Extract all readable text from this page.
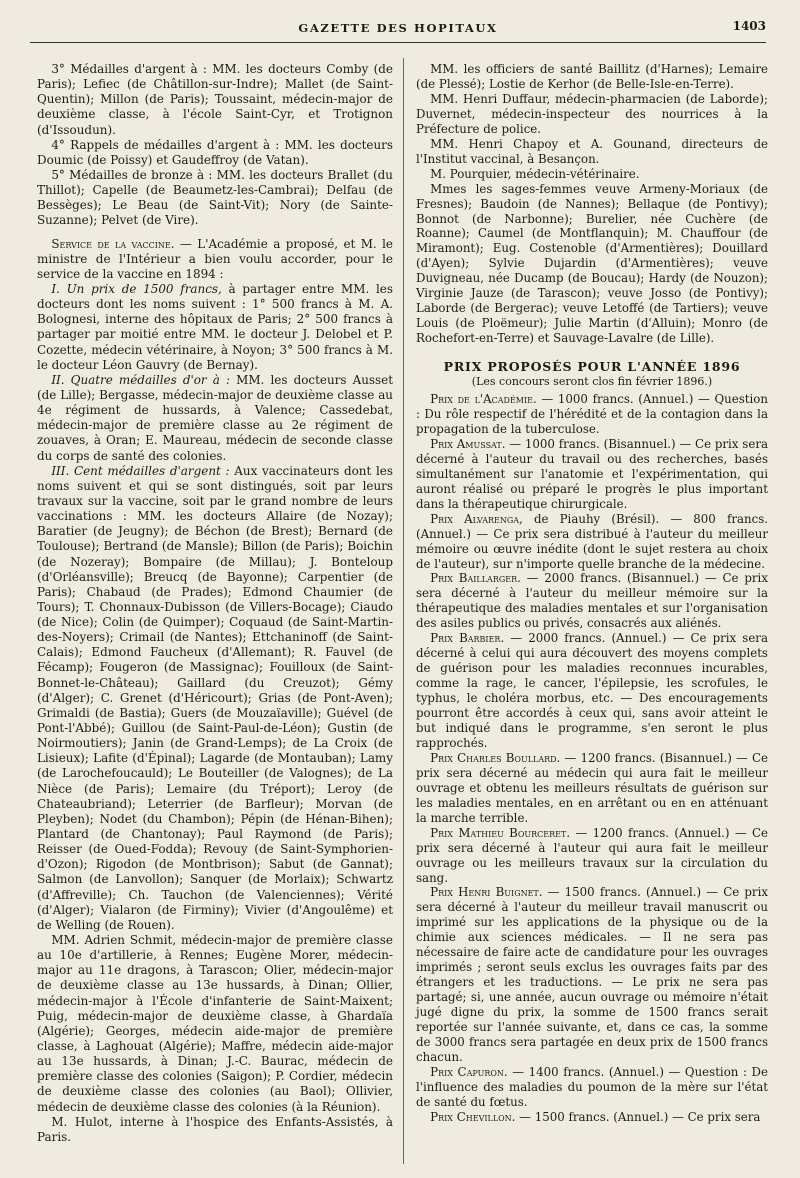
GAZETTE DES HOPITAUX	1403

3° Médailles d'argent à : MM. les docteurs Comby (de Paris); Lefiec (de Châtillon-sur-Indre); Mallet (de Saint-Quentin); Millon (de Paris); Toussaint, médecin-major de deuxième classe, à l'école Saint-Cyr, et Trotignon (d'Issoudun).

4° Rappels de médailles d'argent à : MM. les docteurs Doumic (de Poissy) et Gaudeffroy (de Vatan).

5° Médailles de bronze à : MM. les docteurs Brallet (du Thillot); Capelle (de Beaumetz-les-Cambrai); Delfau (de Bessèges); Le Beau (de Saint-Vit); Nory (de Sainte-Suzanne); Pelvet (de Vire).

Service de la vaccine. — L'Académie a proposé, et M. le ministre de l'Intérieur a bien voulu accorder, pour le service de la vaccine en 1894 :

I. Un prix de 1500 francs, à partager entre MM. les docteurs dont les noms suivent : 1° 500 francs à M. A. Bolognesi, interne des hôpitaux de Paris; 2° 500 francs à partager par moitié entre MM. le docteur J. Delobel et P. Cozette, médecin vétérinaire, à Noyon; 3° 500 francs à M. le docteur Léon Gauvry (de Bernay).

II. Quatre médailles d'or à : MM. les docteurs Ausset (de Lille); Bergasse, médecin-major de deuxième classe au 4e régiment de hussards, à Valence; Cassedebat, médecin-major de première classe au 2e régiment de zouaves, à Oran; E. Maureau, médecin de seconde classe du corps de santé des colonies.

III. Cent médailles d'argent : Aux vaccinateurs dont les noms suivent et qui se sont distingués, soit par leurs travaux sur la vaccine, soit par le grand nombre de leurs vaccinations : MM. les docteurs Allaire (de Nozay); Baratier (de Jeugny); de Béchon (de Brest); Bernard (de Toulouse); Bertrand (de Mansle); Billon (de Paris); Boichin (de Nozeray); Bompaire (de Millau); J. Bonteloup (d'Orléansville); Breucq (de Bayonne); Carpentier (de Paris); Chabaud (de Prades); Edmond Chaumier (de Tours); T. Chonnaux-Dubisson (de Villers-Bocage); Ciaudo (de Nice); Colin (de Quimper); Coquaud (de Saint-Martin-des-Noyers); Crimail (de Nantes); Ettchaninoff (de Saint-Calais); Edmond Faucheux (d'Allemant); R. Fauvel (de Fécamp); Fougeron (de Massignac); Fouilloux (de Saint-Bonnet-le-Château); Gaillard (du Creuzot); Gémy (d'Alger); C. Grenet (d'Héricourt); Grias (de Pont-Aven); Grimaldi (de Bastia); Guers (de Mouzaïaville); Guével (de Pont-l'Abbé); Guillou (de Saint-Paul-de-Léon); Gustin (de Noirmoutiers); Janin (de Grand-Lemps); de La Croix (de Lisieux); Lafite (d'Épinal); Lagarde (de Montauban); Lamy (de Larochefoucauld); Le Bouteiller (de Valognes); de La Nièce (de Paris); Lemaire (du Tréport); Leroy (de Chateaubriand); Leterrier (de Barfleur); Morvan (de Pleyben); Nodet (du Chambon); Pépin (de Hénan-Bihen); Plantard (de Chantonay); Paul Raymond (de Paris); Reisser (de Oued-Fodda); Revouy (de Saint-Symphorien-d'Ozon); Rigodon (de Montbrison); Sabut (de Gannat); Salmon (de Lanvollon); Sanquer (de Morlaix); Schwartz (d'Affreville); Ch. Tauchon (de Valenciennes); Vérité (d'Alger); Vialaron (de Firminy); Vivier (d'Angoulême) et de Welling (de Rouen).

MM. Adrien Schmit, médecin-major de première classe au 10e d'artillerie, à Rennes; Eugène Morer, médecin-major au 11e dragons, à Tarascon; Olier, médecin-major de deuxième classe au 13e hussards, à Dinan; Ollier, médecin-major à l'École d'infanterie de Saint-Maixent; Puig, médecin-major de deuxième classe, à Ghardaïa (Algérie); Georges, médecin aide-major de première classe, à Laghouat (Algérie); Maffre, médecin aide-major au 13e hussards, à Dinan; J.-C. Baurac, médecin de première classe des colonies (Saigon); P. Cordier, médecin de deuxième classe des colonies (au Baol); Ollivier, médecin de deuxième classe des colonies (à la Réunion).

M. Hulot, interne à l'hospice des Enfants-Assistés, à Paris.

MM. les officiers de santé Baillitz (d'Harnes); Lemaire (de Plessé); Lostie de Kerhor (de Belle-Isle-en-Terre).

MM. Henri Duffaur, médecin-pharmacien (de Laborde); Duvernet, médecin-inspecteur des nourrices à la Préfecture de police.

MM. Henri Chapoy et A. Gounand, directeurs de l'Institut vaccinal, à Besançon.

M. Pourquier, médecin-vétérinaire.

Mmes les sages-femmes veuve Armeny-Moriaux (de Fresnes); Baudoin (de Nannes); Bellaque (de Pontivy); Bonnot (de Narbonne); Burelier, née Cuchère (de Roanne); Caumel (de Montflanquin); M. Chauffour (de Miramont); Eug. Costenoble (d'Armentières); Douillard (d'Ayen); Sylvie Dujardin (d'Armentières); veuve Duvigneau, née Ducamp (de Boucau); Hardy (de Nouzon); Virginie Jauze (de Tarascon); veuve Josso (de Pontivy); Laborde (de Bergerac); veuve Letoffé (de Tartiers); veuve Louis (de Ploëmeur); Julie Martin (d'Alluin); Monro (de Rochefort-en-Terre) et Sauvage-Lavalre (de Lille).

PRIX PROPOSÉS POUR L'ANNÉE 1896

(Les concours seront clos fin février 1896.)

Prix de l'Académie. — 1000 francs. (Annuel.) — Question : Du rôle respectif de l'hérédité et de la contagion dans la propagation de la tuberculose.

Prix Amussat. — 1000 francs. (Bisannuel.) — Ce prix sera décerné à l'auteur du travail ou des recherches, basés simultanément sur l'anatomie et l'expérimentation, qui auront réalisé ou préparé le progrès le plus important dans la thérapeutique chirurgicale.

Prix Alvarenga, de Piauhy (Brésil). — 800 francs. (Annuel.) — Ce prix sera distribué à l'auteur du meilleur mémoire ou œuvre inédite (dont le sujet restera au choix de l'auteur), sur n'importe quelle branche de la médecine.

Prix Baillarger. — 2000 francs. (Bisannuel.) — Ce prix sera décerné à l'auteur du meilleur mémoire sur la thérapeutique des maladies mentales et sur l'organisation des asiles publics ou privés, consacrés aux aliénés.

Prix Barbier. — 2000 francs. (Annuel.) — Ce prix sera décerné à celui qui aura découvert des moyens complets de guérison pour les maladies reconnues incurables, comme la rage, le cancer, l'épilepsie, les scrofules, le typhus, le choléra morbus, etc. — Des encouragements pourront être accordés à ceux qui, sans avoir atteint le but indiqué dans le programme, s'en seront le plus rapprochés.

Prix Charles Boullard. — 1200 francs. (Bisannuel.) — Ce prix sera décerné au médecin qui aura fait le meilleur ouvrage et obtenu les meilleurs résultats de guérison sur les maladies mentales, en en arrêtant ou en en atténuant la marche terrible.

Prix Mathieu Bourceret. — 1200 francs. (Annuel.) — Ce prix sera décerné à l'auteur qui aura fait le meilleur ouvrage ou les meilleurs travaux sur la circulation du sang.

Prix Henri Buignet. — 1500 francs. (Annuel.) — Ce prix sera décerné à l'auteur du meilleur travail manuscrit ou imprimé sur les applications de la physique ou de la chimie aux sciences médicales. — Il ne sera pas nécessaire de faire acte de candidature pour les ouvrages imprimés ; seront seuls exclus les ouvrages faits par des étrangers et les traductions. — Le prix ne sera pas partagé; si, une année, aucun ouvrage ou mémoire n'était jugé digne du prix, la somme de 1500 francs serait reportée sur l'année suivante, et, dans ce cas, la somme de 3000 francs sera partagée en deux prix de 1500 francs chacun.

Prix Capuron. — 1400 francs. (Annuel.) — Question : De l'influence des maladies du poumon de la mère sur l'état de santé du fœtus.

Prix Chevillon. — 1500 francs. (Annuel.) — Ce prix sera
